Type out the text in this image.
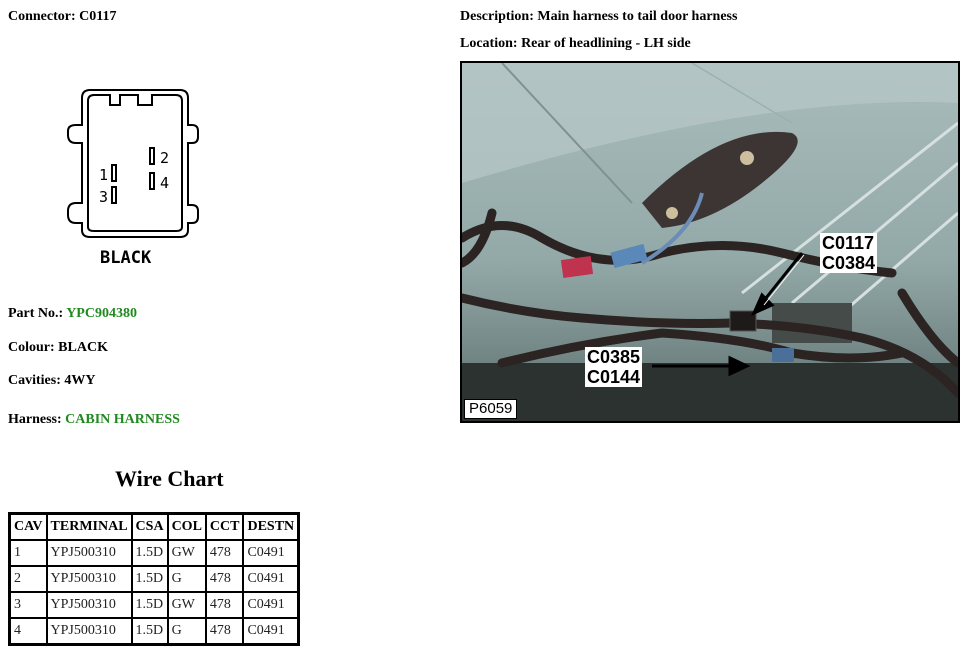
Connector: C0117	Description: Main harness to tail door harness
Location: Rear of headlining - LH side
1
3
2
4
BLACK
C0117
C0384
C0385
C0144
P6059
Part No.: YPC904380
Colour: BLACK
Cavities: 4WY
Harness: CABIN HARNESS
Wire Chart
CAV	TERMINAL	CSA	COL	CCT	DESTN
1	YPJ500310	1.5D	GW	478	C0491
2	YPJ500310	1.5D	G	478	C0491
3	YPJ500310	1.5D	GW	478	C0491
4	YPJ500310	1.5D	G	478	C0491
